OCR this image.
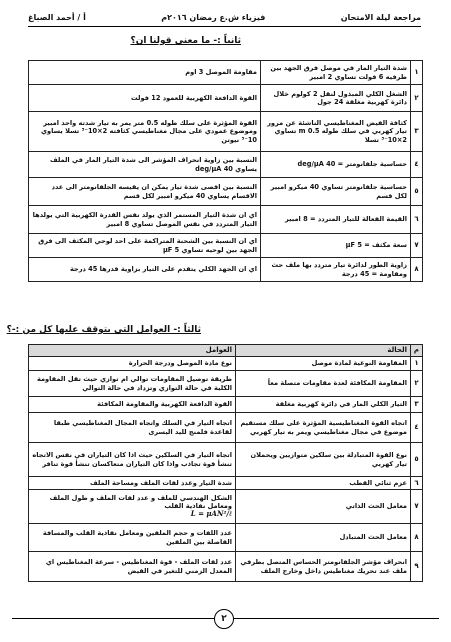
مراجعة ليلة الامتحان
فيزياء ش.ع رمضان ٢٠١٦م
أ / أحمد الصباغ
ثانياً :- ما معنى قولنا ان؟
١	شدة التيار المار في موصل فرق الجهد بين طرفيه 6 فولت تساوي 2 امبير	مقاومة الموصل 3 اوم
٢	الشغل الكلي المبذول لنقل 2 كولوم خلال دائرة كهربية مغلقة 24 جول	القوة الدافعة الكهربية للعمود 12 فولت
٣	كثافة الفيض المغناطيسي الناشئة عن مرور تيار كهربي في سلك طوله 0.5 m تساوي 2×10⁻³ تسلا	القوة المؤثرة على سلك طوله 0.5 متر يمر به تيار شدته واحد امبير وموضوع عمودي على مجال مغناطيسي كثافته 2×10⁻³ تسلا يساوي 10⁻³ نيوتن
٤	حساسية جلفانومتر = 40 deg/μA	النسبة بين زاوية انحراف المؤشر الى شدة التيار المار في الملف يساوي 40 deg/μA
٥	حساسية جلفانومتر تساوي 40 ميكرو امبير لكل قسم	النسبة بين اقصى شدة تيار يمكن ان يقيسه الجلفانومتر الى عدد الاقسام يساوي 40 ميكرو امبير لكل قسم
٦	القيمة الفعالة للتيار المتردد = 8 امبير	اي ان شدة التيار المستمر الذي يولد نفس القدرة الكهربية التي يولدها التيار المتردد في نفس الموصل تساوي 8 امبير
٧	سعة مكثف = 5 μF	اي ان النسبة بين الشحنة المتراكمة على احد لوحي المكثف الى فرق الجهد بين لوحيه تساوي 5 μF
٨	زاوية الطور لدائرة تيار متردد بها ملف حث ومقاومة = 45 درجة	اي ان الجهد الكلي يتقدم على التيار بزاوية قدرها 45 درجة
ثالثاً :- العوامل التي يتوقف عليها كل من :-؟
م	الحالة	العوامل
١	المقاومة النوعية لمادة موصل	نوع مادة الموصل ودرجة الحرارة
٢	المقاومة المكافئة لعدة مقاومات متصلة معاً	طريقة توصيل المقاومات توالي ام توازي حيث تقل المقاومة الكلية في حالة التوازي وتزداد في حالة التوالي
٣	التيار الكلي المار في دائرة كهربية مغلقة	القوة الدافعة الكهربية والمقاومة المكافئة
٤	اتجاه القوة المغناطيسية المؤثرة على سلك مستقيم موضوع في مجال مغناطيسي ويمر به تيار كهربي	اتجاه التيار في السلك واتجاه المجال المغناطيسي طبقا لقاعدة فلمنج لليد اليسرى
٥	نوع القوة المتبادلة بين سلكين متوازيين ويحملان تيار كهربي	اتجاه التيار في السلكين حيث اذا كان التياران في نفس الاتجاه تنشأ قوة تجاذب واذا كان التياران متعاكسان تنشأ قوة تنافر
٦	عزم ثنائي القطب	شدة التيار وعدد لفات الملف ومساحة الملف
٧	معامل الحث الذاتي	الشكل الهندسي للملف و عدد لفات الملف و طول الملف ومعامل نفاذية القلب
L = μAN²/ℓ
٨	معامل الحث المتبادل	عدد اللفات و حجم الملفين ومعامل نفاذية القلب والمسافة الفاصلة بين الملفين
٩	انحراف مؤشر الجلفانومتر الحساس المتصل بطرفي ملف عند تحريك مغناطيس داخل وخارج الملف	عدد لفات الملف - قوة المغناطيس - سرعة المغناطيس اي المعدل الزمني للتغير في الفيض
٢
